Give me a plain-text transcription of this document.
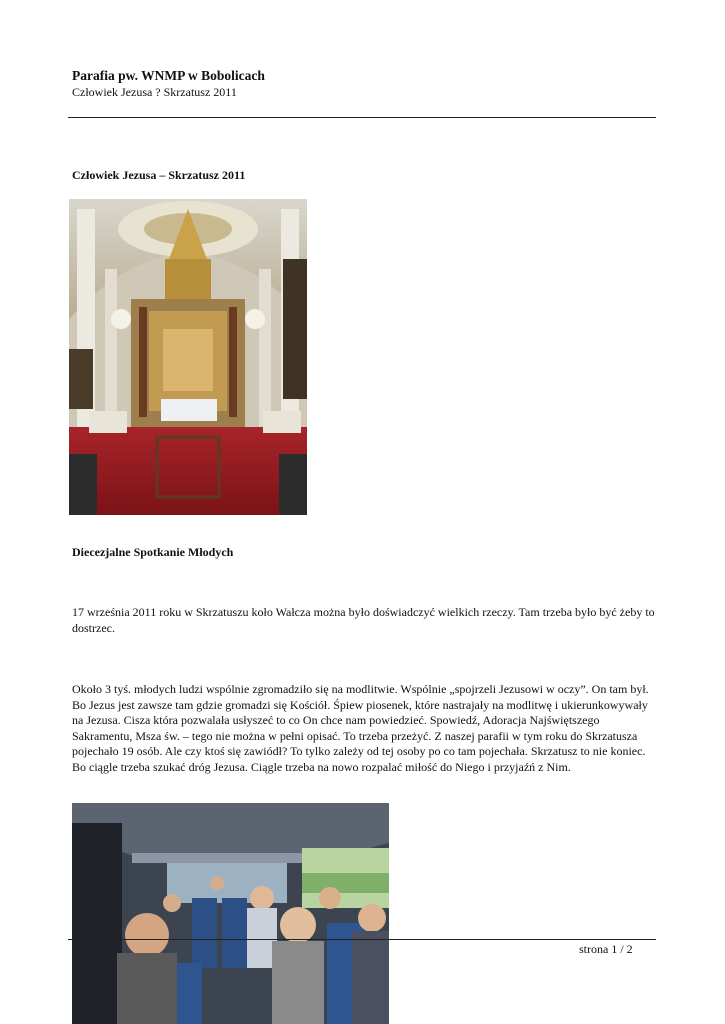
Parafia pw. WNMP w Bobolicach
Człowiek Jezusa ? Skrzatusz 2011
Człowiek Jezusa – Skrzatusz 2011
Diecezjalne Spotkanie Młodych
17 września 2011 roku w Skrzatuszu koło Wałcza można było doświadczyć wielkich rzeczy. Tam trzeba było być żeby to dostrzec.
Około 3 tyś. młodych ludzi wspólnie zgromadziło się na modlitwie. Wspólnie „spojrzeli Jezusowi w oczy”. On tam był. Bo Jezus jest zawsze tam gdzie gromadzi się Kościół. Śpiew piosenek, które nastrajały na modlitwę i ukierunkowywały na Jezusa. Cisza która pozwalała usłyszeć to co On chce nam powiedzieć. Spowiedź, Adoracja Najświętszego Sakramentu, Msza św. – tego nie można w pełni opisać. To trzeba przeżyć. Z naszej parafii w tym roku do Skrzatusza pojechało 19 osób. Ale czy ktoś się zawiódł? To tylko zależy od tej osoby po co tam pojechała. Skrzatusz to nie koniec. Bo ciągle trzeba szukać dróg Jezusa. Ciągle trzeba na nowo rozpalać miłość do Niego i przyjaźń z Nim.
strona 1 / 2
